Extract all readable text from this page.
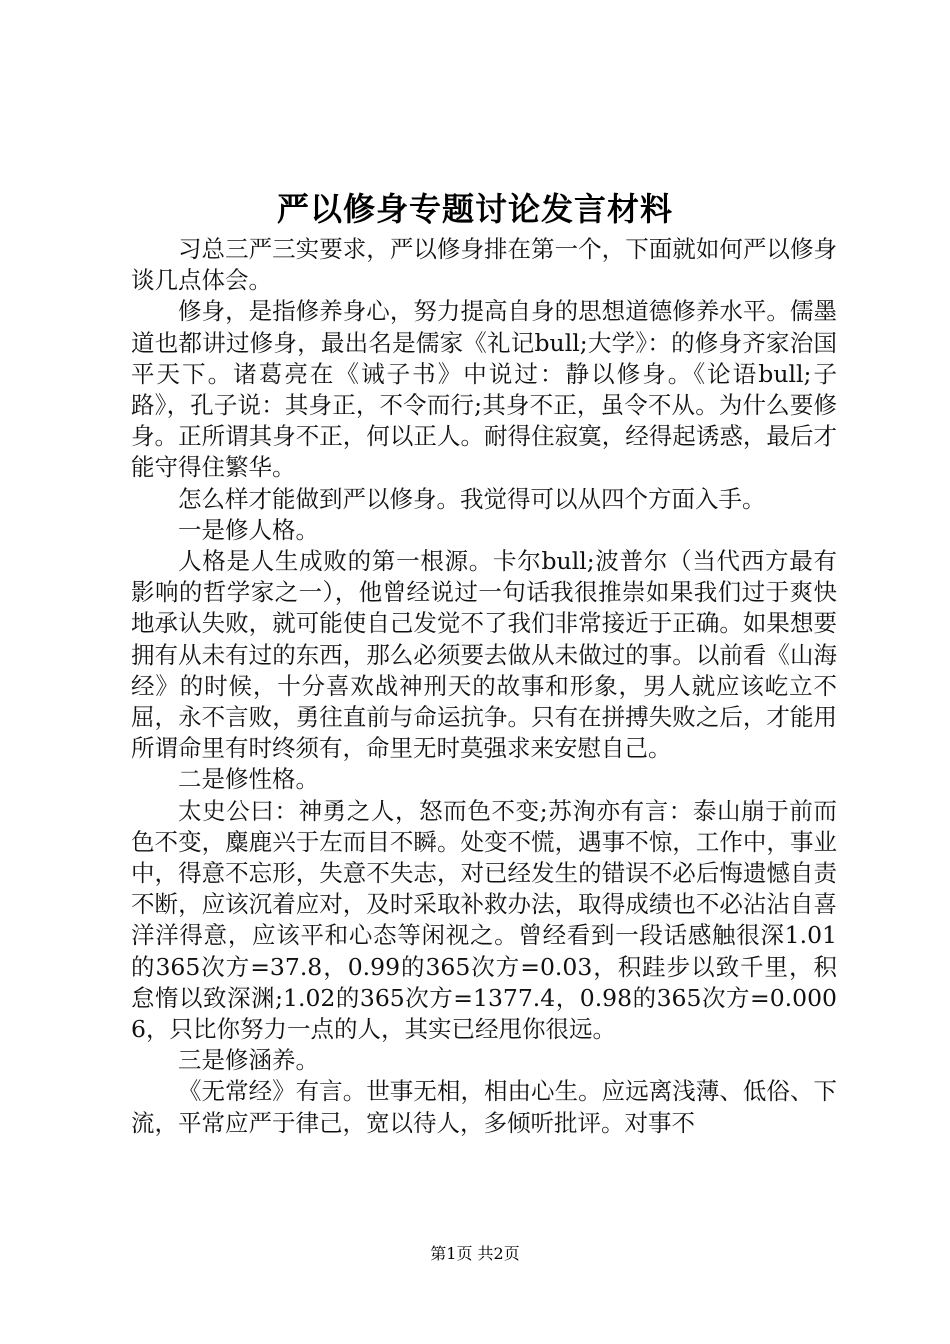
严以修身专题讨论发言材料

习总三严三实要求，严以修身排在第一个，下面就如何严以修身谈几点体会。

修身，是指修养身心，努力提高自身的思想道德修养水平。儒墨道也都讲过修身，最出名是儒家《礼记bull;大学》：的修身齐家治国平天下。诸葛亮在《诫子书》中说过：静以修身。《论语bull;子路》，孔子说：其身正，不令而行;其身不正，虽令不从。为什么要修身。正所谓其身不正，何以正人。耐得住寂寞，经得起诱惑，最后才能守得住繁华。

怎么样才能做到严以修身。我觉得可以从四个方面入手。

一是修人格。

人格是人生成败的第一根源。卡尔bull;波普尔（当代西方最有影响的哲学家之一），他曾经说过一句话我很推崇如果我们过于爽快地承认失败，就可能使自己发觉不了我们非常接近于正确。如果想要拥有从未有过的东西，那么必须要去做从未做过的事。以前看《山海经》的时候，十分喜欢战神刑天的故事和形象，男人就应该屹立不屈，永不言败，勇往直前与命运抗争。只有在拼搏失败之后，才能用所谓命里有时终须有，命里无时莫强求来安慰自己。

二是修性格。

太史公曰：神勇之人，怒而色不变;苏洵亦有言：泰山崩于前而色不变，麋鹿兴于左而目不瞬。处变不慌，遇事不惊，工作中，事业中，得意不忘形，失意不失志，对已经发生的错误不必后悔遗憾自责不断，应该沉着应对，及时采取补救办法，取得成绩也不必沾沾自喜洋洋得意，应该平和心态等闲视之。曾经看到一段话感触很深1.01的365次方=37.8，0.99的365次方=0.03，积跬步以致千里，积怠惰以致深渊;1.02的365次方=1377.4，0.98的365次方=0.0006，只比你努力一点的人，其实已经甩你很远。

三是修涵养。

《无常经》有言。世事无相，相由心生。应远离浅薄、低俗、下流，平常应严于律己，宽以待人，多倾听批评。对事不

第1页 共2页
